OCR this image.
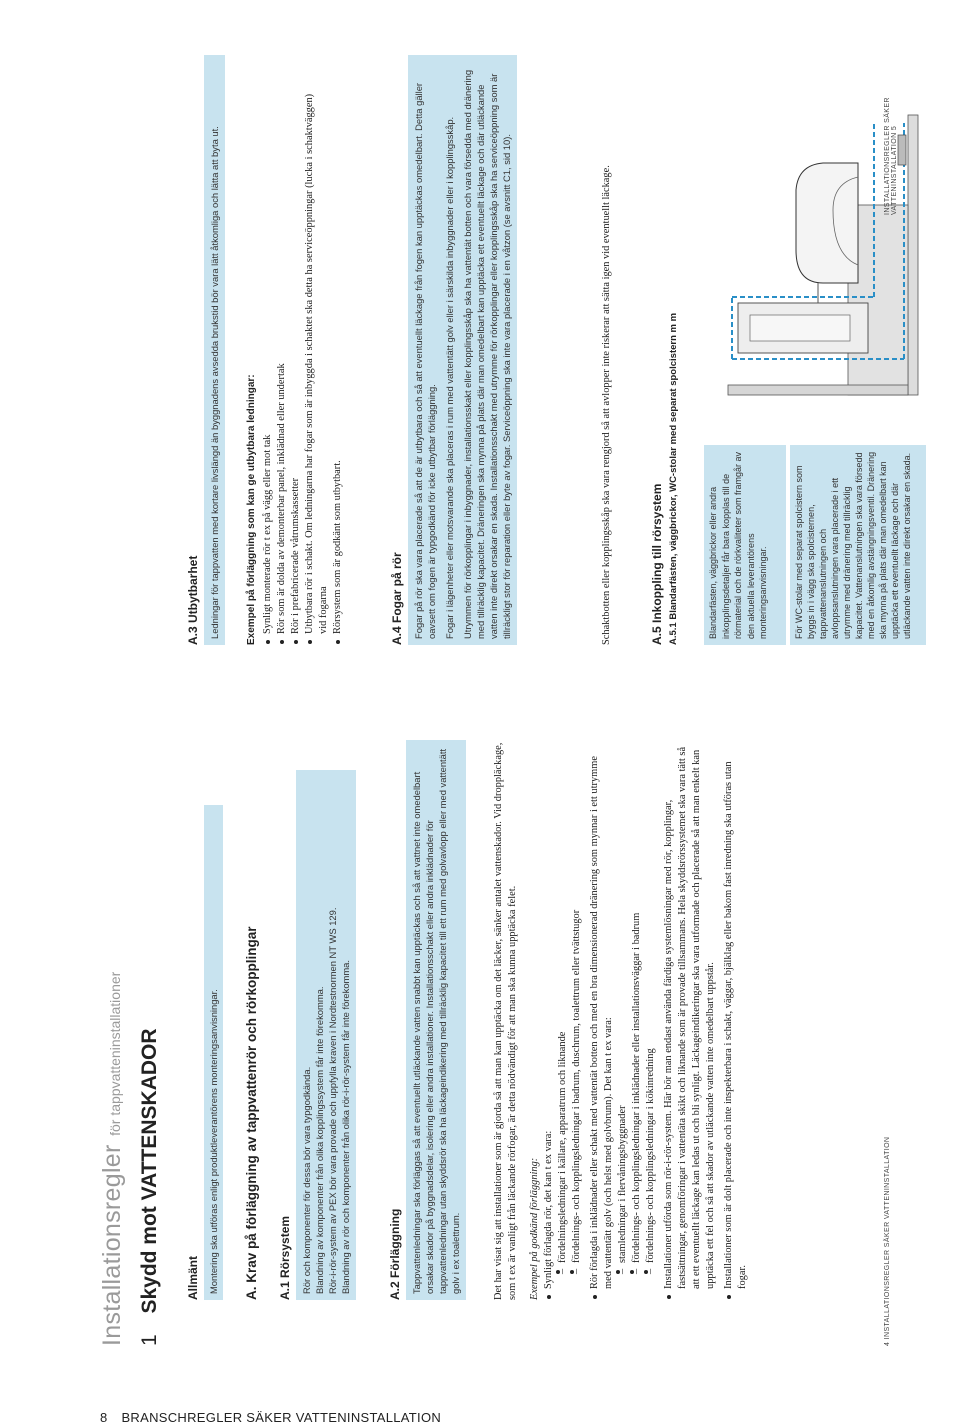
Installationsregler för tappvatteninstallationer
1 Skydd mot VATTENSKADOR Allmänt Montering ska utföras enligt produktleverantörens monteringsanvisningar. A. Krav på förläggning av tappvattenrör och rörkopplingar A.1 Rörsystem Rör och komponenter för dessa bör vara typgodkända. Blandning av komponenter från olika kopplingssystem får inte förekomma. Rör-i-rör-system av PEX bör vara provade och uppfylla kraven i Nordtestnormen NT WS 129. Blandning av rör och komponenter från olika rör-i-rör-system får inte förekomma.	A.2 Förläggning Tappvattenledningar ska förläggas så att eventuellt utläckande vatten snabbt kan upptäckas och så att vattnet inte omedelbart orsakar skador på byggnadsdelar, isolering eller andra installationer. Installationsschakt eller andra inklädnader för tappvattenledningar utan skyddsrör ska ha läckageindikering med tillräcklig kapacitet till ett rum med golvavlopp eller med vattentätt golv i ex toalettrum.	Det har visat sig att installationer som är gjorda så att man kan upptäcka om det läcker, sänker antalet vattenskador. Vid droppläckage, som t ex är vanligt från läckande rörfogar, är detta nödvändigt för att man ska kunna upptäcka felet. Exempel på godkänd förläggning: Synligt förlagda rör, det kan t ex vara: – fördelningsledningar i källare, apparatrum och liknande – fördelnings- och kopplingsledningar i badrum, duschrum, toalettrum eller tvättstugor Rör förlagda i inklädnader eller schakt med vattentät botten och med en bra dimensionerad dränering som mynnar i ett utrymme med vattentätt golv (och helst med golvbrunn). Det kan t ex vara: – stamledningar i flervåningsbyggnader – fördelnings- och kopplingsledningar i inklädnader eller installationsväggar i badrum – fördelnings- och kopplingsledningar i kökinredning Installationer utförda som rör-i-rör-system. Här bör man endast använda färdiga systemlösningar med rör, kopplingar, fastsättningar, genomföringar i vattentäta skikt och liknande som är provade tillsammans. Hela skyddsrörssystemet ska vara tätt så att ett eventuellt läckage kan ledas ut och bli synligt. Läckageindikeringar ska vara utformade och placerade så att man enkelt kan upptäcka ett fel och så att skador av utläckande vatten inte omedelbart uppstår. Installationer som är dolt placerade och inte inspekterbara i schakt, väggar, bjälklag eller bakom fast inredning ska utföras utan fogar.	4 INSTALLATIONSREGLER SÄKER VATTENINSTALLATION
A.3 Utbytbarhet Ledningar för tappvatten med kortare livslängd än byggnadens avsedda brukstid bör vara lätt åtkomliga och lätta att byta ut.	Exempel på förläggning som kan ge utbytbara ledningar: Synligt monterade rör t ex på vägg eller mot tak Rör som är dolda av demonterbar panel, inklädnad eller undertak Rör i prefabricerade våtrumskassetter Utbytbara rör i schakt. Om ledningarna har fogar som är inbyggda i schaktet ska detta ha serviceöppningar (lucka i schaktväggen) vid fogarna Rörsystem som är godkänt som utbytbart.	A.4 Fogar på rör Fogar på rör ska vara placerade så att de är utbytbara och så att eventuellt läckage från fogen kan upptäckas omedelbart. Detta gäller oavsett om fogen är typgodkänd för icke utbytbar förläggning. Fogar i lägenheter eller motsvarande ska placeras i rum med vattentätt golv eller i särskilda inbyggnader eller i kopplingsskåp. Utrymmen för rörkopplingar i inbyggnader, installationsskakt eller kopplingsskåp ska ha vattentät botten och vara försedda med dränering med tillräcklig kapacitet. Dräneringen ska mynna på plats där man omedelbart kan upptäcka ett eventuellt läckage och där utläckande vatten inte direkt orsakar en skada. Installationsschakt med utrymme för rörkopplingar eller kopplingsskåp ska ha serviceöppning som är tillräckligt stor för reparation eller byte av fogar. Serviceöppning ska inte vara placerade i en våtzon (se avsnitt C1, sid 10).	Schaktbotten eller kopplingsskåp ska vara rengjord så att avlopper inte riskerar att sätta igen vid eventuellt läckage.	A.5 Inkoppling till rörsystem A.5.1 Blandarfästen, väggbrickor, WC-stolar med separat spolcistern m m	Blandarfästen, väggbrickor eller andra inkopplingsdetaljer får bara kopplas till de rörmaterial och de rörkvaliteter som framgår av den aktuella leverantörens monteringsanvisningar.	För WC-stolar med separat spolcistern som byggs in i vägg ska spolcisternen, tappvattenanslutningen och avloppsanslutningen vara placerade i ett utrymme med dränering med tillräcklig kapacitet. Vattenanslutningen ska vara försedd med en åtkomlig avstängningsventil. Dränering ska mynna på plats där man omedelbart kan upptäcka ett eventuellt läckage och där utläckande vatten inte direkt orsakar en skada.

INSTALLATIONSREGLER SÄKER VATTENINSTALLATION 5
8 BRANSCHREGLER SÄKER VATTENINSTALLATION
